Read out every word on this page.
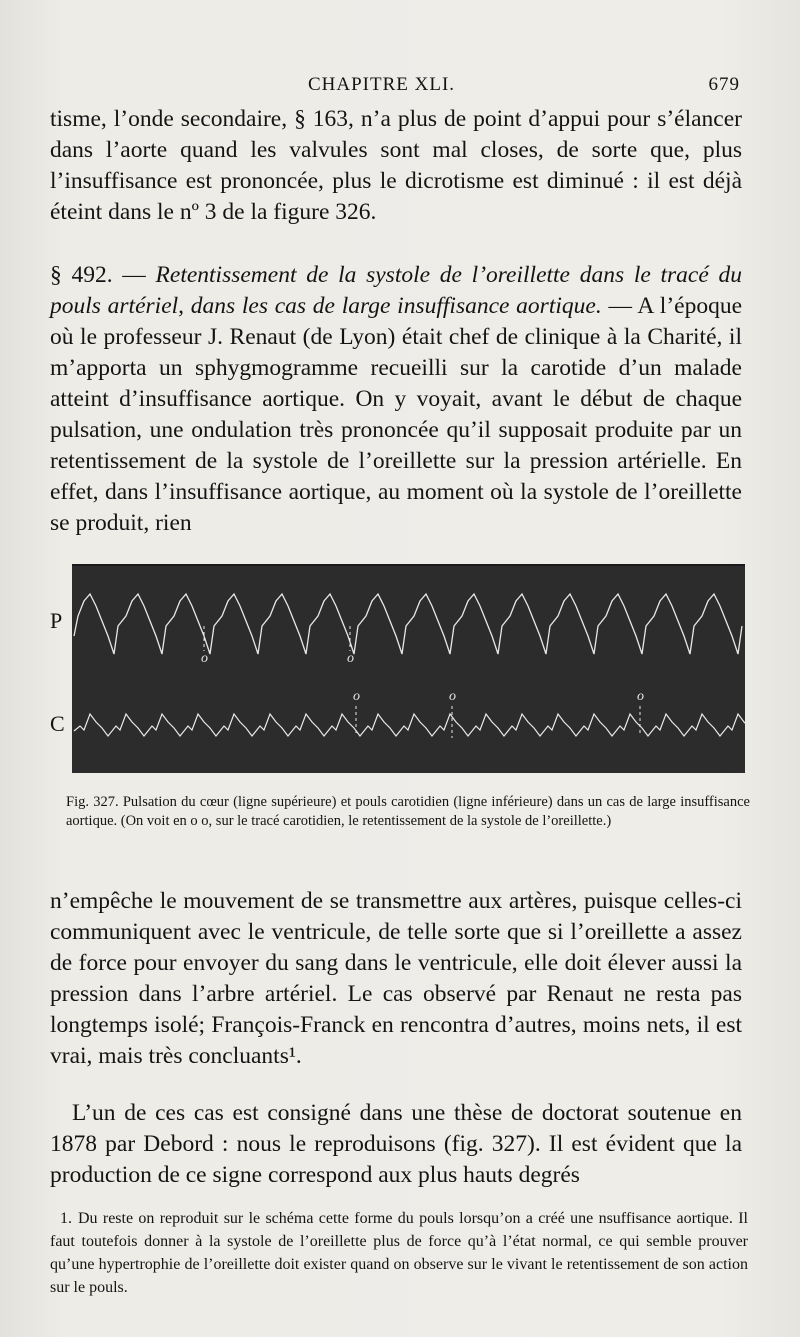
CHAPITRE XLI.	679

tisme, l’onde secondaire, § 163, n’a plus de point d’appui pour s’élancer dans l’aorte quand les valvules sont mal closes, de sorte que, plus l’insuffisance est prononcée, plus le dicrotisme est diminué : il est déjà éteint dans le nº 3 de la figure 326.

§ 492. — Retentissement de la systole de l’oreillette dans le tracé du pouls artériel, dans les cas de large insuffisance aortique. — A l’époque où le professeur J. Renaut (de Lyon) était chef de clinique à la Charité, il m’apporta un sphygmogramme recueilli sur la carotide d’un malade atteint d’insuffisance aortique. On y voyait, avant le début de chaque pulsation, une ondulation très prononcée qu’il supposait produite par un retentissement de la systole de l’oreillette sur la pression artérielle. En effet, dans l’insuffisance aortique, au moment où la systole de l’oreillette se produit, rien

P
C
o	o
o	o	o
Fig. 327. Pulsation du cœur (ligne supérieure) et pouls carotidien (ligne inférieure) dans un cas de large insuffisance aortique. (On voit en o o, sur le tracé carotidien, le retentissement de la systole de l’oreillette.)

n’empêche le mouvement de se transmettre aux artères, puisque celles-ci communiquent avec le ventricule, de telle sorte que si l’oreillette a assez de force pour envoyer du sang dans le ventricule, elle doit élever aussi la pression dans l’arbre artériel. Le cas observé par Renaut ne resta pas longtemps isolé; François-Franck en rencontra d’autres, moins nets, il est vrai, mais très concluants¹.

L’un de ces cas est consigné dans une thèse de doctorat soutenue en 1878 par Debord : nous le reproduisons (fig. 327). Il est évident que la production de ce signe correspond aux plus hauts degrés

1. Du reste on reproduit sur le schéma cette forme du pouls lorsqu’on a créé une nsuffisance aortique. Il faut toutefois donner à la systole de l’oreillette plus de force qu’à l’état normal, ce qui semble prouver qu’une hypertrophie de l’oreillette doit exister quand on observe sur le vivant le retentissement de son action sur le pouls.
